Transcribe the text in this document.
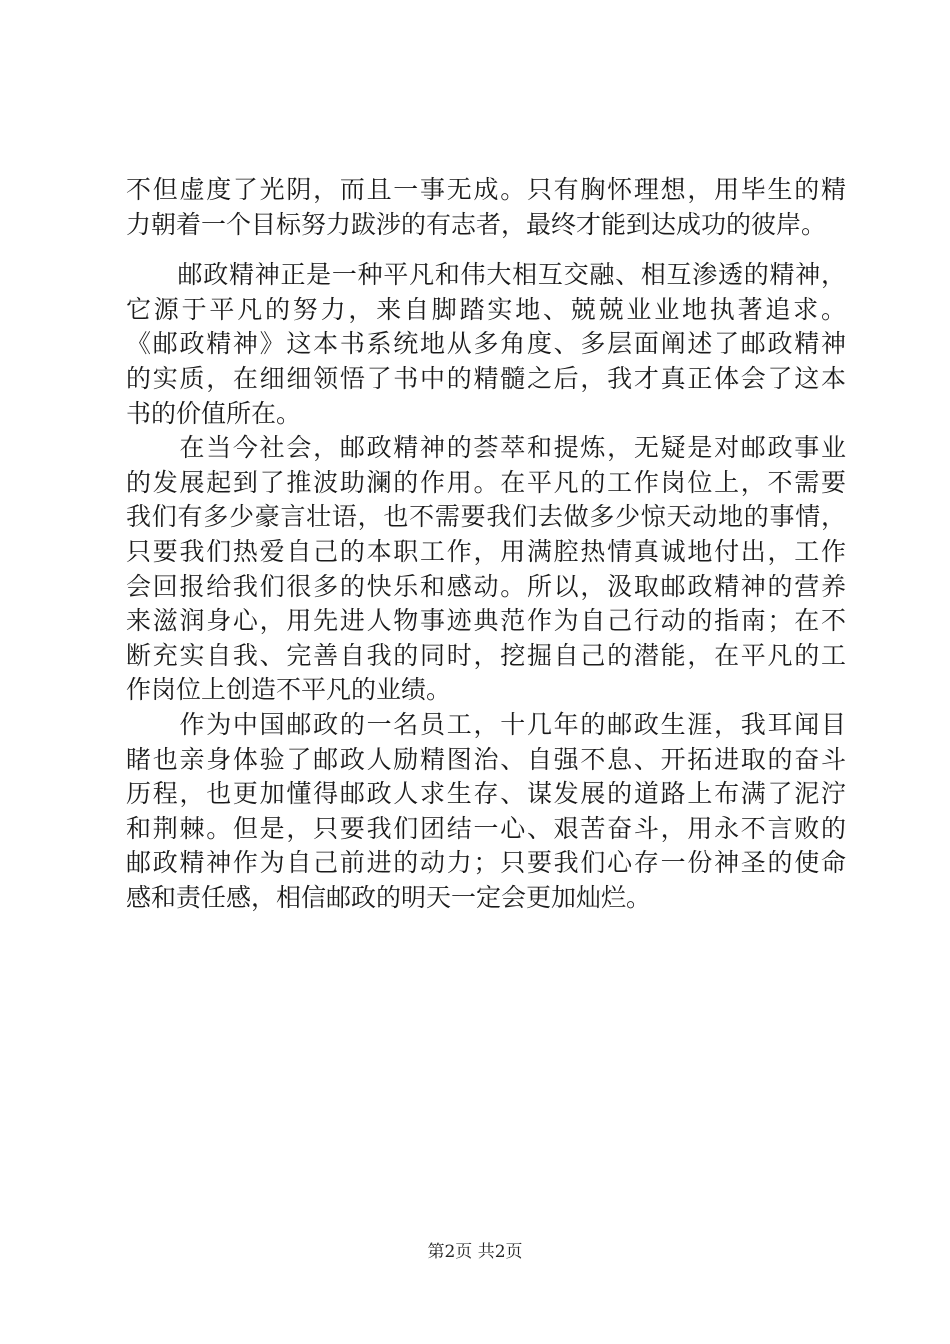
不但虚度了光阴，而且一事无成。只有胸怀理想，用毕生的精
力朝着一个目标努力跋涉的有志者，最终才能到达成功的彼岸。
　　邮政精神正是一种平凡和伟大相互交融、相互渗透的精神，
它源于平凡的努力，来自脚踏实地、兢兢业业地执著追求。
《邮政精神》这本书系统地从多角度、多层面阐述了邮政精神
的实质，在细细领悟了书中的精髓之后，我才真正体会了这本
书的价值所在。
　　在当今社会，邮政精神的荟萃和提炼，无疑是对邮政事业
的发展起到了推波助澜的作用。在平凡的工作岗位上，不需要
我们有多少豪言壮语，也不需要我们去做多少惊天动地的事情，
只要我们热爱自己的本职工作，用满腔热情真诚地付出，工作
会回报给我们很多的快乐和感动。所以，汲取邮政精神的营养
来滋润身心，用先进人物事迹典范作为自己行动的指南；在不
断充实自我、完善自我的同时，挖掘自己的潜能，在平凡的工
作岗位上创造不平凡的业绩。
　　作为中国邮政的一名员工，十几年的邮政生涯，我耳闻目
睹也亲身体验了邮政人励精图治、自强不息、开拓进取的奋斗
历程，也更加懂得邮政人求生存、谋发展的道路上布满了泥泞
和荆棘。但是，只要我们团结一心、艰苦奋斗，用永不言败的
邮政精神作为自己前进的动力；只要我们心存一份神圣的使命
感和责任感，相信邮政的明天一定会更加灿烂。
第2页 共2页
